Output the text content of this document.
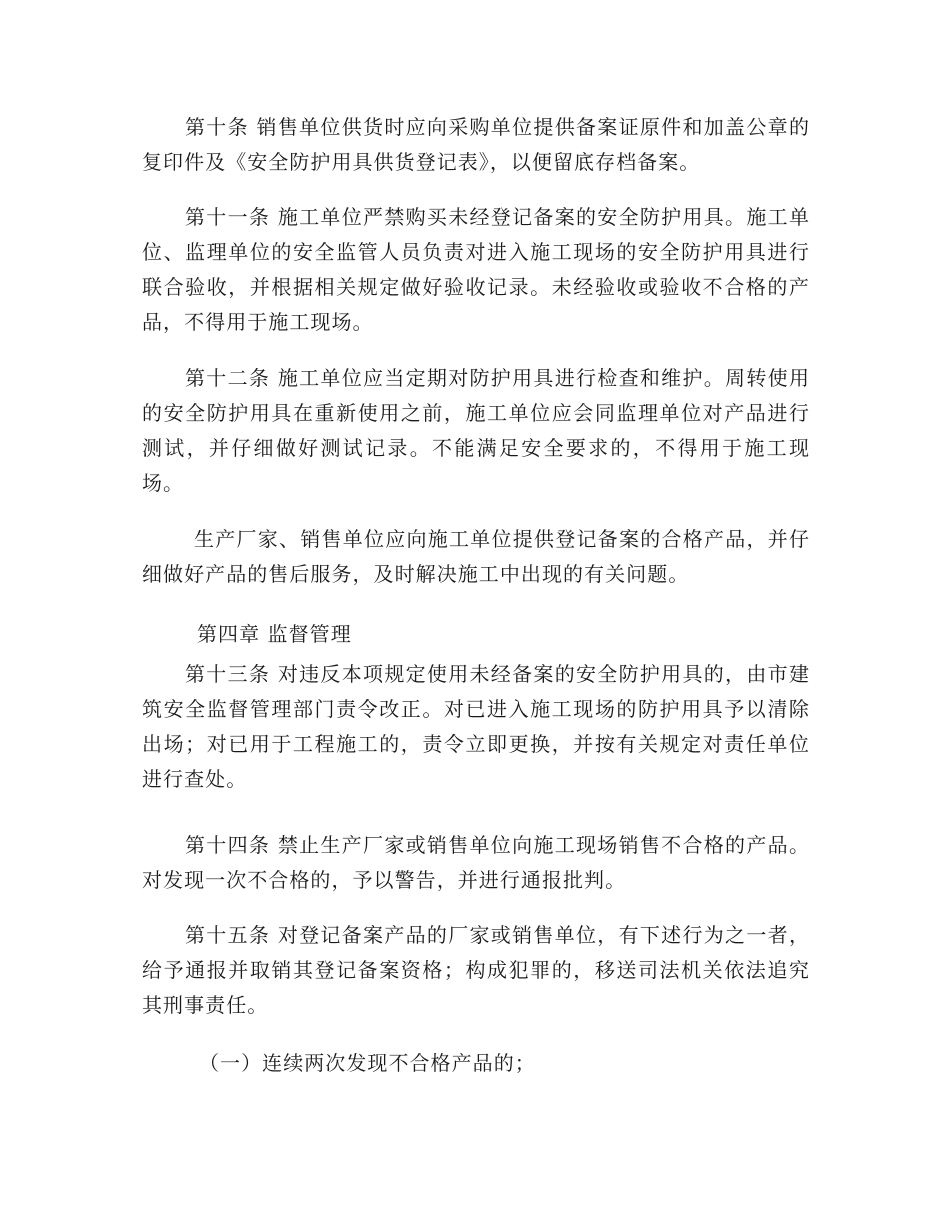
第十条 销售单位供货时应向采购单位提供备案证原件和加盖公章的复印件及《安全防护用具供货登记表》，以便留底存档备案。

第十一条 施工单位严禁购买未经登记备案的安全防护用具。施工单位、监理单位的安全监管人员负责对进入施工现场的安全防护用具进行联合验收，并根据相关规定做好验收记录。未经验收或验收不合格的产品，不得用于施工现场。

第十二条 施工单位应当定期对防护用具进行检查和维护。周转使用的安全防护用具在重新使用之前，施工单位应会同监理单位对产品进行测试，并仔细做好测试记录。不能满足安全要求的，不得用于施工现场。

生产厂家、销售单位应向施工单位提供登记备案的合格产品，并仔细做好产品的售后服务，及时解决施工中出现的有关问题。

第四章 监督管理

第十三条 对违反本项规定使用未经备案的安全防护用具的，由市建筑安全监督管理部门责令改正。对已进入施工现场的防护用具予以清除出场；对已用于工程施工的，责令立即更换，并按有关规定对责任单位进行查处。

第十四条 禁止生产厂家或销售单位向施工现场销售不合格的产品。对发现一次不合格的，予以警告，并进行通报批判。

第十五条 对登记备案产品的厂家或销售单位，有下述行为之一者，给予通报并取销其登记备案资格；构成犯罪的，移送司法机关依法追究其刑事责任。

（一）连续两次发现不合格产品的；
